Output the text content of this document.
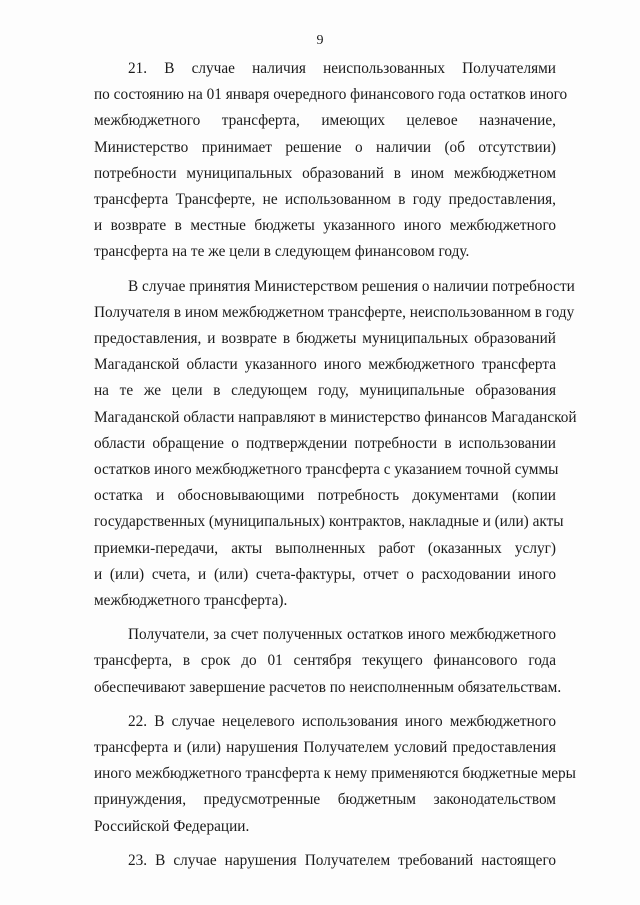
9

21. В случае наличия неиспользованных Получателями
по состоянию на 01 января очередного финансового года остатков иного
межбюджетного трансферта, имеющих целевое назначение,
Министерство принимает решение о наличии (об отсутствии)
потребности муниципальных образований в ином межбюджетном
трансферта Трансферте, не использованном в году предоставления,
и возврате в местные бюджеты указанного иного межбюджетного
трансферта на те же цели в следующем финансовом году.

В случае принятия Министерством решения о наличии потребности
Получателя в ином межбюджетном трансферте, неиспользованном в году
предоставления, и возврате в бюджеты муниципальных образований
Магаданской области указанного иного межбюджетного трансферта
на те же цели в следующем году, муниципальные образования
Магаданской области направляют в министерство финансов Магаданской
области обращение о подтверждении потребности в использовании
остатков иного межбюджетного трансферта с указанием точной суммы
остатка и обосновывающими потребность документами (копии
государственных (муниципальных) контрактов, накладные и (или) акты
приемки-передачи, акты выполненных работ (оказанных услуг)
и (или) счета, и (или) счета-фактуры, отчет о расходовании иного
межбюджетного трансферта).

Получатели, за счет полученных остатков иного межбюджетного
трансферта, в срок до 01 сентября текущего финансового года
обеспечивают завершение расчетов по неисполненным обязательствам.

22. В случае нецелевого использования иного межбюджетного
трансферта и (или) нарушения Получателем условий предоставления
иного межбюджетного трансферта к нему применяются бюджетные меры
принуждения, предусмотренные бюджетным законодательством
Российской Федерации.

23. В случае нарушения Получателем требований настоящего
